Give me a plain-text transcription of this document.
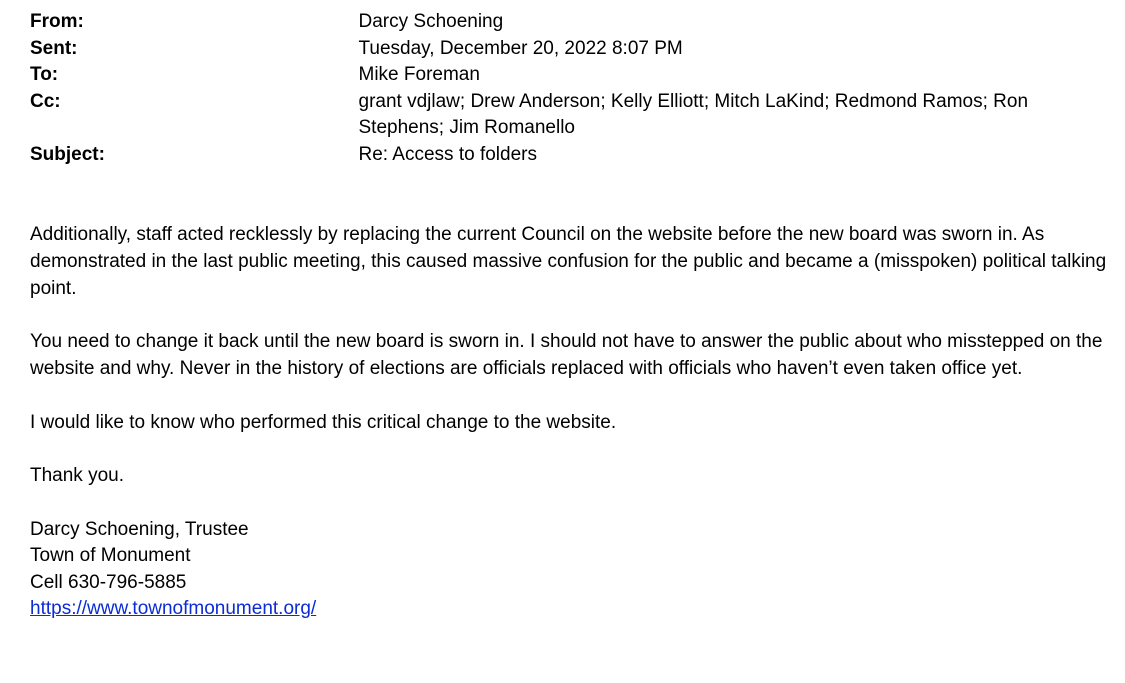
From:	Darcy Schoening
Sent:	Tuesday, December 20, 2022 8:07 PM
To:	Mike Foreman
Cc:	grant vdjlaw; Drew Anderson; Kelly Elliott; Mitch LaKind; Redmond Ramos; Ron Stephens; Jim Romanello
Subject:	Re: Access to folders

Additionally, staff acted recklessly by replacing the current Council on the website before the new board was sworn in. As demonstrated in the last public meeting, this caused massive confusion for the public and became a (misspoken) political talking point.

You need to change it back until the new board is sworn in. I should not have to answer the public about who misstepped on the website and why. Never in the history of elections are officials replaced with officials who haven’t even taken office yet.

I would like to know who performed this critical change to the website.

Thank you.

Darcy Schoening, Trustee
Town of Monument
Cell 630-796-5885
https://www.townofmonument.org/
